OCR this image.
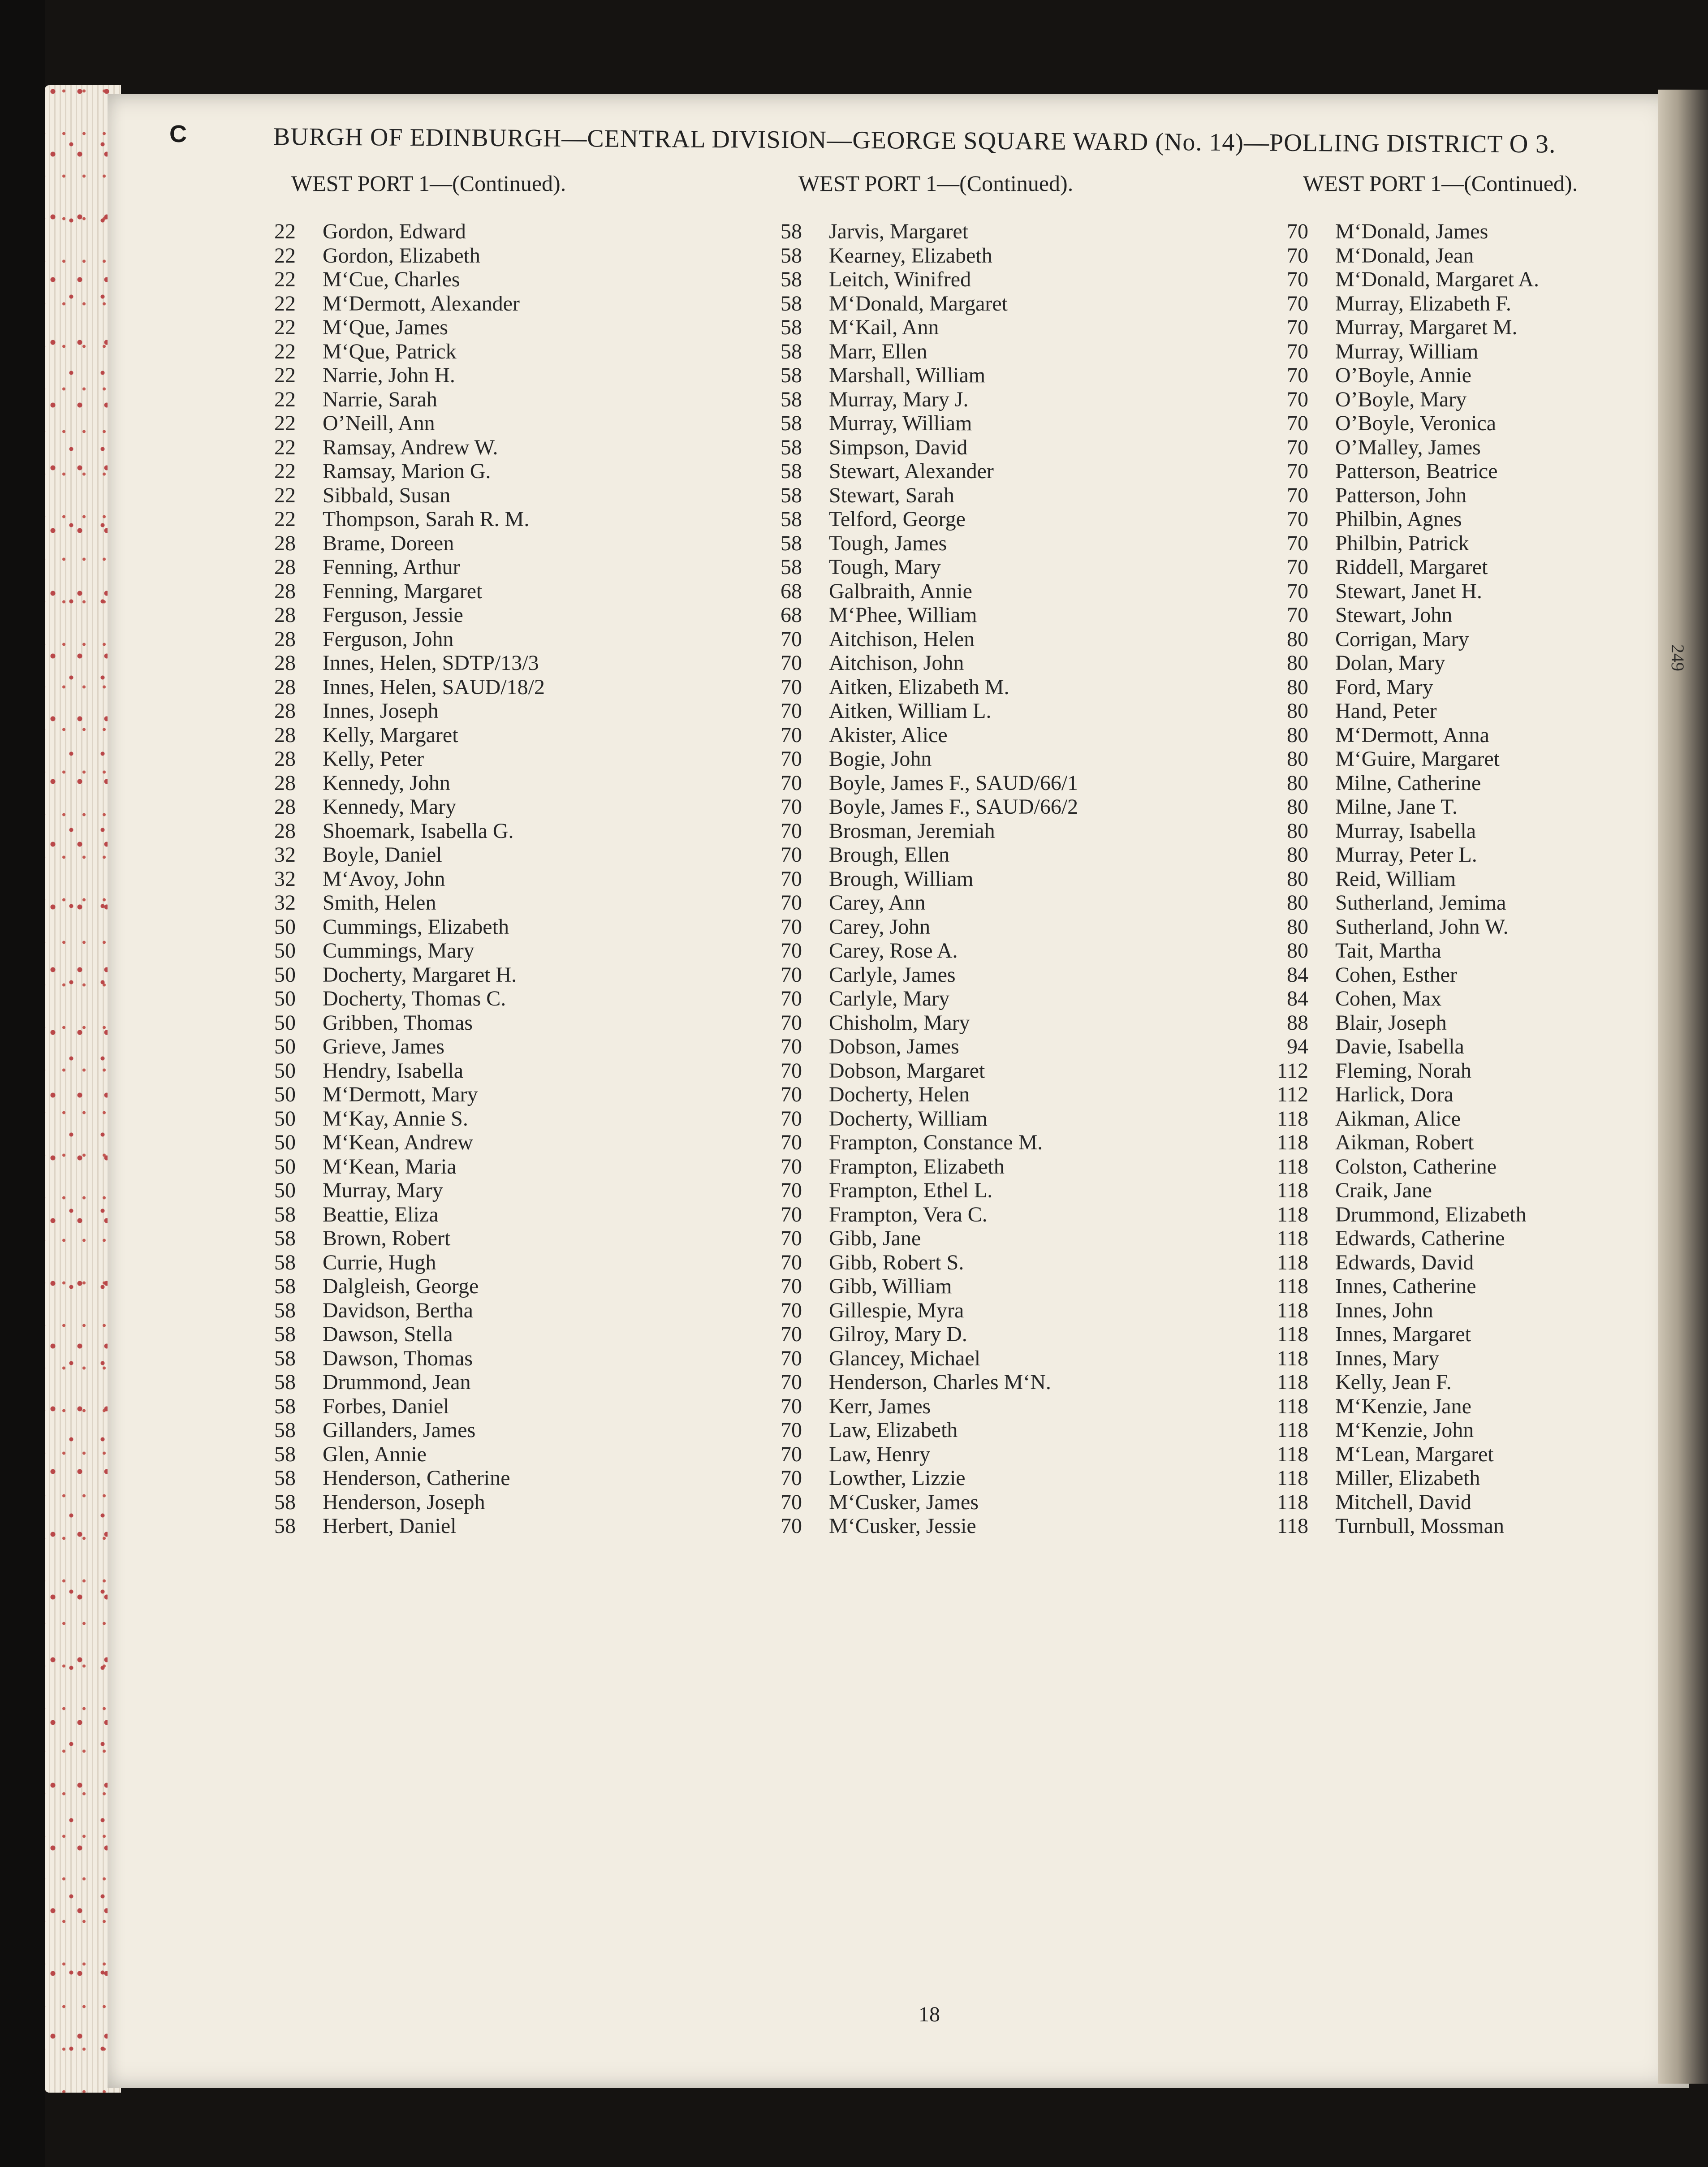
C	BURGH OF EDINBURGH—CENTRAL DIVISION—GEORGE SQUARE WARD (No. 14)—POLLING DISTRICT O 3.
WEST PORT 1—(Continued).	WEST PORT 1—(Continued).	WEST PORT 1—(Continued).
22 Gordon, Edward
22 Gordon, Elizabeth
22 M‘Cue, Charles
22 M‘Dermott, Alexander
22 M‘Que, James
22 M‘Que, Patrick
22 Narrie, John H.
22 Narrie, Sarah
22 O’Neill, Ann
22 Ramsay, Andrew W.
22 Ramsay, Marion G.
22 Sibbald, Susan
22 Thompson, Sarah R. M.
28 Brame, Doreen
28 Fenning, Arthur
28 Fenning, Margaret
28 Ferguson, Jessie
28 Ferguson, John
28 Innes, Helen, SDTP/13/3
28 Innes, Helen, SAUD/18/2
28 Innes, Joseph
28 Kelly, Margaret
28 Kelly, Peter
28 Kennedy, John
28 Kennedy, Mary
28 Shoemark, Isabella G.
32 Boyle, Daniel
32 M‘Avoy, John
32 Smith, Helen
50 Cummings, Elizabeth
50 Cummings, Mary
50 Docherty, Margaret H.
50 Docherty, Thomas C.
50 Gribben, Thomas
50 Grieve, James
50 Hendry, Isabella
50 M‘Dermott, Mary
50 M‘Kay, Annie S.
50 M‘Kean, Andrew
50 M‘Kean, Maria
50 Murray, Mary
58 Beattie, Eliza
58 Brown, Robert
58 Currie, Hugh
58 Dalgleish, George
58 Davidson, Bertha
58 Dawson, Stella
58 Dawson, Thomas
58 Drummond, Jean
58 Forbes, Daniel
58 Gillanders, James
58 Glen, Annie
58 Henderson, Catherine
58 Henderson, Joseph
58 Herbert, Daniel
58 Jarvis, Margaret
58 Kearney, Elizabeth
58 Leitch, Winifred
58 M‘Donald, Margaret
58 M‘Kail, Ann
58 Marr, Ellen
58 Marshall, William
58 Murray, Mary J.
58 Murray, William
58 Simpson, David
58 Stewart, Alexander
58 Stewart, Sarah
58 Telford, George
58 Tough, James
58 Tough, Mary
68 Galbraith, Annie
68 M‘Phee, William
70 Aitchison, Helen
70 Aitchison, John
70 Aitken, Elizabeth M.
70 Aitken, William L.
70 Akister, Alice
70 Bogie, John
70 Boyle, James F., SAUD/66/1
70 Boyle, James F., SAUD/66/2
70 Brosman, Jeremiah
70 Brough, Ellen
70 Brough, William
70 Carey, Ann
70 Carey, John
70 Carey, Rose A.
70 Carlyle, James
70 Carlyle, Mary
70 Chisholm, Mary
70 Dobson, James
70 Dobson, Margaret
70 Docherty, Helen
70 Docherty, William
70 Frampton, Constance M.
70 Frampton, Elizabeth
70 Frampton, Ethel L.
70 Frampton, Vera C.
70 Gibb, Jane
70 Gibb, Robert S.
70 Gibb, William
70 Gillespie, Myra
70 Gilroy, Mary D.
70 Glancey, Michael
70 Henderson, Charles M‘N.
70 Kerr, James
70 Law, Elizabeth
70 Law, Henry
70 Lowther, Lizzie
70 M‘Cusker, James
70 M‘Cusker, Jessie
70 M‘Donald, James
70 M‘Donald, Jean
70 M‘Donald, Margaret A.
70 Murray, Elizabeth F.
70 Murray, Margaret M.
70 Murray, William
70 O’Boyle, Annie
70 O’Boyle, Mary
70 O’Boyle, Veronica
70 O’Malley, James
70 Patterson, Beatrice
70 Patterson, John
70 Philbin, Agnes
70 Philbin, Patrick
70 Riddell, Margaret
70 Stewart, Janet H.
70 Stewart, John
80 Corrigan, Mary
80 Dolan, Mary
80 Ford, Mary
80 Hand, Peter
80 M‘Dermott, Anna
80 M‘Guire, Margaret
80 Milne, Catherine
80 Milne, Jane T.
80 Murray, Isabella
80 Murray, Peter L.
80 Reid, William
80 Sutherland, Jemima
80 Sutherland, John W.
80 Tait, Martha
84 Cohen, Esther
84 Cohen, Max
88 Blair, Joseph
94 Davie, Isabella
112 Fleming, Norah
112 Harlick, Dora
118 Aikman, Alice
118 Aikman, Robert
118 Colston, Catherine
118 Craik, Jane
118 Drummond, Elizabeth
118 Edwards, Catherine
118 Edwards, David
118 Innes, Catherine
118 Innes, John
118 Innes, Margaret
118 Innes, Mary
118 Kelly, Jean F.
118 M‘Kenzie, Jane
118 M‘Kenzie, John
118 M‘Lean, Margaret
118 Miller, Elizabeth
118 Mitchell, David
118 Turnbull, Mossman
249
18
